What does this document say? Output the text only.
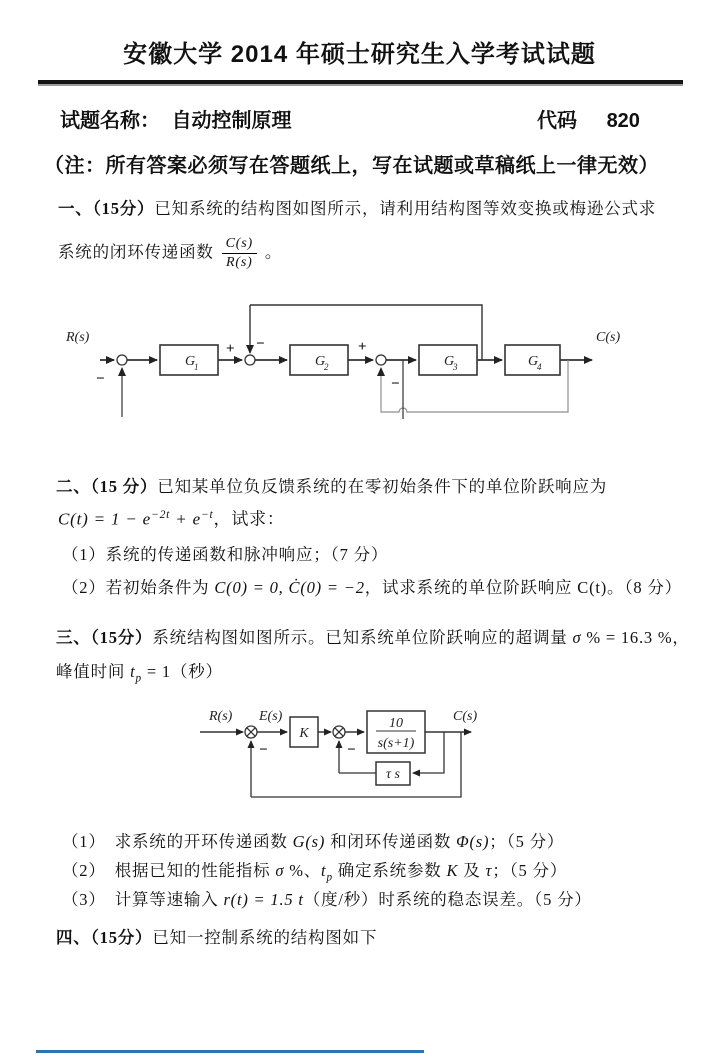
安徽大学 2014 年硕士研究生入学考试试题
试题名称： 自动控制原理	代码 820
（注：所有答案必须写在答题纸上，写在试题或草稿纸上一律无效）
一、（15分）已知系统的结构图如图所示，请利用结构图等效变换或梅逊公式求
系统的闭环传递函数 $\frac{C(s)}{R(s)}$ 。
G
1	G
2	G
3	G
4
R(s)	C(s)
−
+ −	+
−
二、（15 分）已知某单位负反馈系统的在零初始条件下的单位阶跃响应为
$C(t) = 1 - e^{-2t} + e^{-t}$，试求：
（1）系统的传递函数和脉冲响应；（7 分）
（2）若初始条件为 C(0) = 0, Ċ(0) = −2，试求系统的单位阶跃响应 C(t)。（8 分）
三、（15分）系统结构图如图所示。已知系统单位阶跃响应的超调量 σ % = 16.3 %，
峰值时间 $t_p = 1$（秒）
10
s(s+1)
K
τ s
R(s) E(s)	C(s)
−	−
（1）　求系统的开环传递函数 G(s) 和闭环传递函数 Φ(s)；（5 分）
（2）　根据已知的性能指标 σ %、$t_p$ 确定系统参数 K 及 τ；（5 分）
（3）　计算等速输入 r(t) = 1.5 t（度/秒）时系统的稳态误差。（5 分）
四、（15分）已知一控制系统的结构图如下
